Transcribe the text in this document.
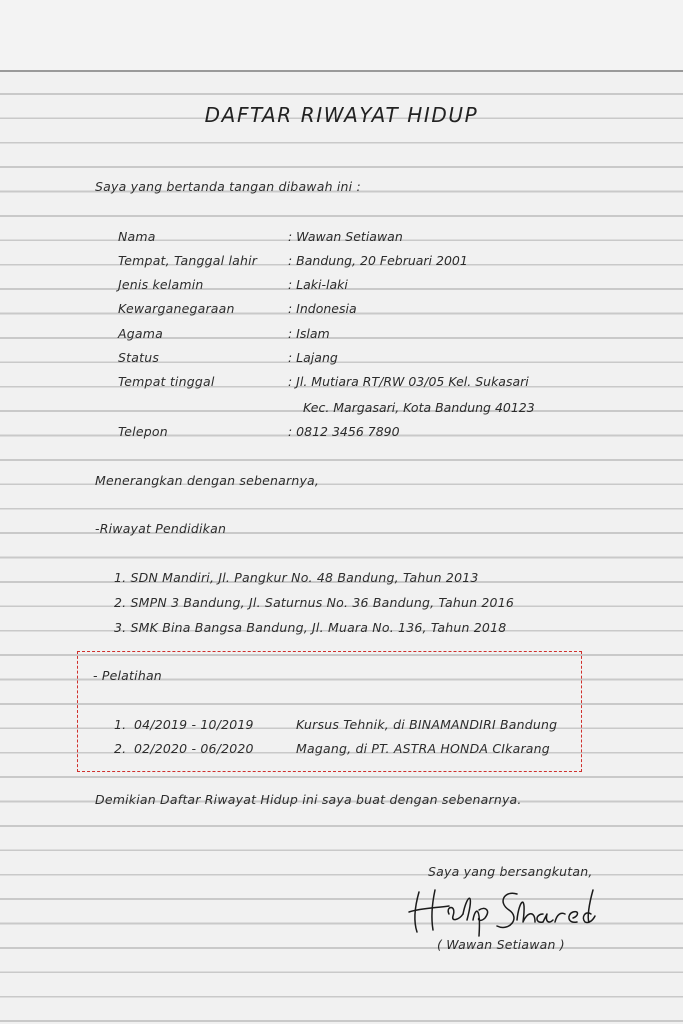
DAFTAR RIWAYAT HIDUP
Saya yang bertanda tangan dibawah ini :
Nama	: Wawan Setiawan
Tempat, Tanggal lahir : Bandung, 20 Februari 2001
Jenis kelamin	: Laki-laki
Kewarganegaraan	: Indonesia
Agama	: Islam
Status	: Lajang
Tempat tinggal	: Jl. Mutiara RT/RW 03/05 Kel. Sukasari
Kec. Margasari, Kota Bandung 40123
Telepon	: 0812 3456 7890
Menerangkan dengan sebenarnya,
-Riwayat Pendidikan
1. SDN Mandiri, Jl. Pangkur No. 48 Bandung, Tahun 2013
2. SMPN 3 Bandung, Jl. Saturnus No. 36 Bandung, Tahun 2016
3. SMK Bina Bangsa Bandung, Jl. Muara No. 136, Tahun 2018
- Pelatihan
1. 04/2019 - 10/2019	Kursus Tehnik, di BINAMANDIRI Bandung
2. 02/2020 - 06/2020	Magang, di PT. ASTRA HONDA CIkarang
Demikian Daftar Riwayat Hidup ini saya buat dengan sebenarnya.
Saya yang bersangkutan,
( Wawan Setiawan )
